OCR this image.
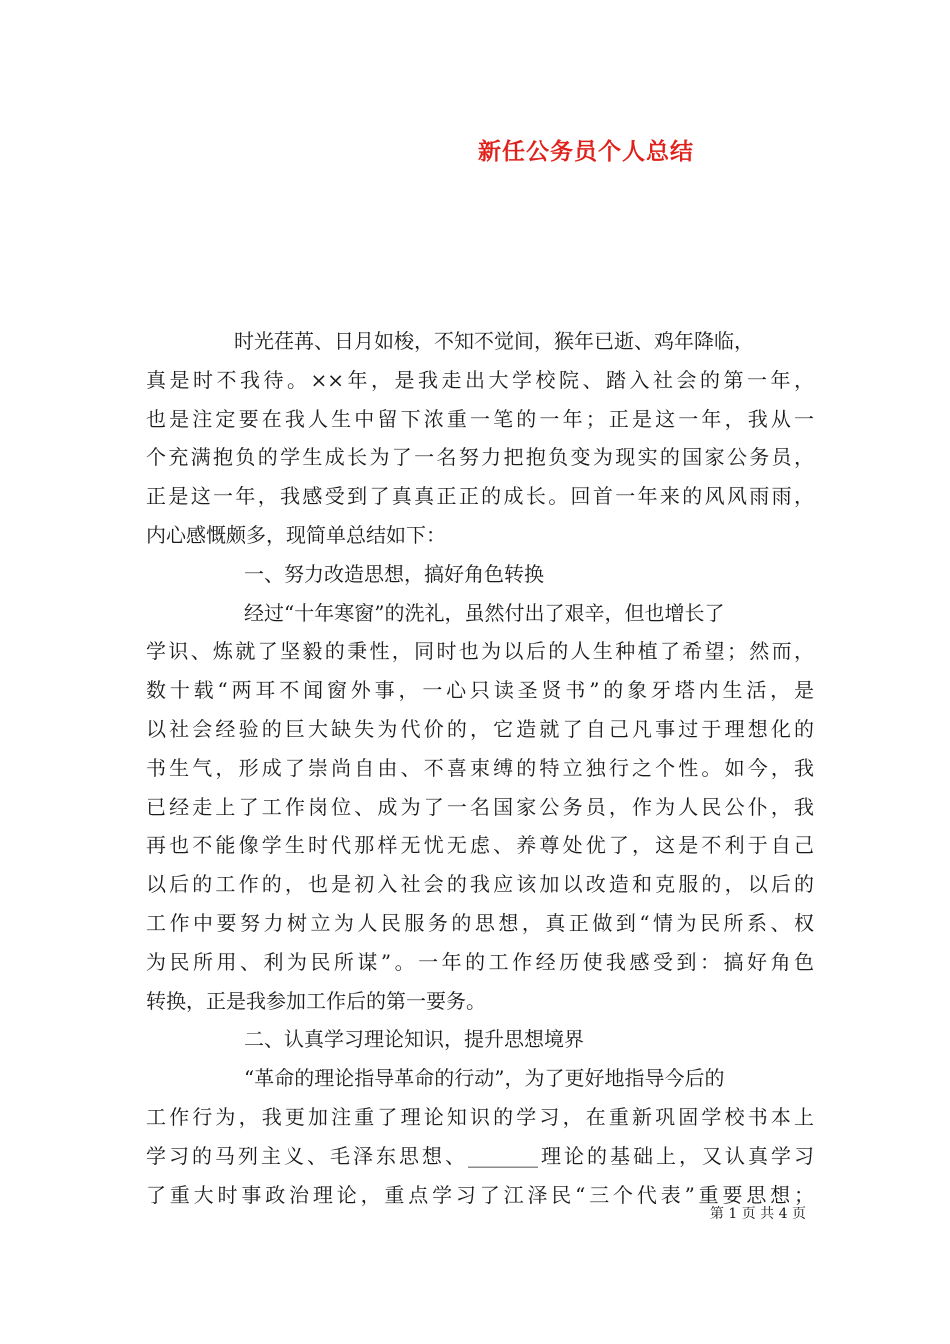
新任公务员个人总结
时光荏苒、日月如梭，不知不觉间，猴年已逝、鸡年降临，
真是时不我待。××年，是我走出大学校院、踏入社会的第一年，
也是注定要在我人生中留下浓重一笔的一年；正是这一年，我从一
个充满抱负的学生成长为了一名努力把抱负变为现实的国家公务员，
正是这一年，我感受到了真真正正的成长。回首一年来的风风雨雨，
内心感慨颇多，现简单总结如下：
一、努力改造思想，搞好角色转换
经过“十年寒窗”的洗礼，虽然付出了艰辛，但也增长了
学识、炼就了坚毅的秉性，同时也为以后的人生种植了希望；然而，
数十载“两耳不闻窗外事，一心只读圣贤书”的象牙塔内生活，是
以社会经验的巨大缺失为代价的，它造就了自己凡事过于理想化的
书生气，形成了崇尚自由、不喜束缚的特立独行之个性。如今，我
已经走上了工作岗位、成为了一名国家公务员，作为人民公仆，我
再也不能像学生时代那样无忧无虑、养尊处优了，这是不利于自己
以后的工作的，也是初入社会的我应该加以改造和克服的，以后的
工作中要努力树立为人民服务的思想，真正做到“情为民所系、权
为民所用、利为民所谋”。一年的工作经历使我感受到：搞好角色
转换，正是我参加工作后的第一要务。
二、认真学习理论知识，提升思想境界
“革命的理论指导革命的行动”，为了更好地指导今后的
工作行为，我更加注重了理论知识的学习，在重新巩固学校书本上
学习的马列主义、毛泽东思想、_______理论的基础上，又认真学习
了重大时事政治理论，重点学习了江泽民“三个代表”重要思想；
第 1 页 共 4 页
